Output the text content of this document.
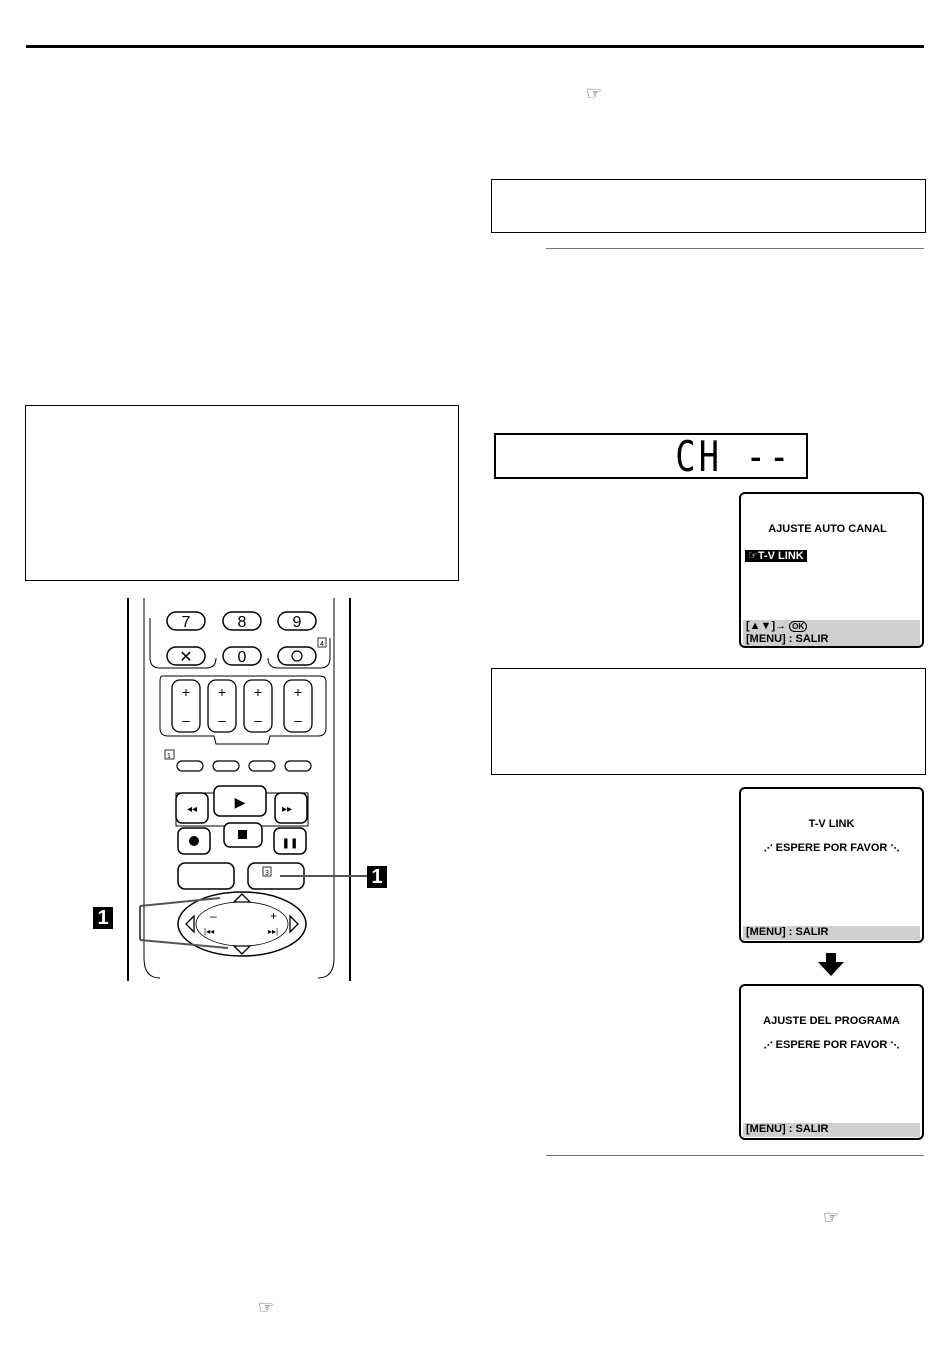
☞
☞
☞
CH --
AJUSTE AUTO CANAL
☞T-V LINK
[▲▼]→ OK
[MENU] : SALIR
T-V LINK
⋰ ESPERE POR FAVOR ⋱
[MENU] : SALIR
AJUSTE DEL PROGRAMA
⋰ ESPERE POR FAVOR ⋱
[MENU] : SALIR
7	8	9
✕	0
4
+ + + +
– – – –
1
◂◂	▶	▸▸
❚❚
3
–	+
|◂◂	▸▸|
1
1
